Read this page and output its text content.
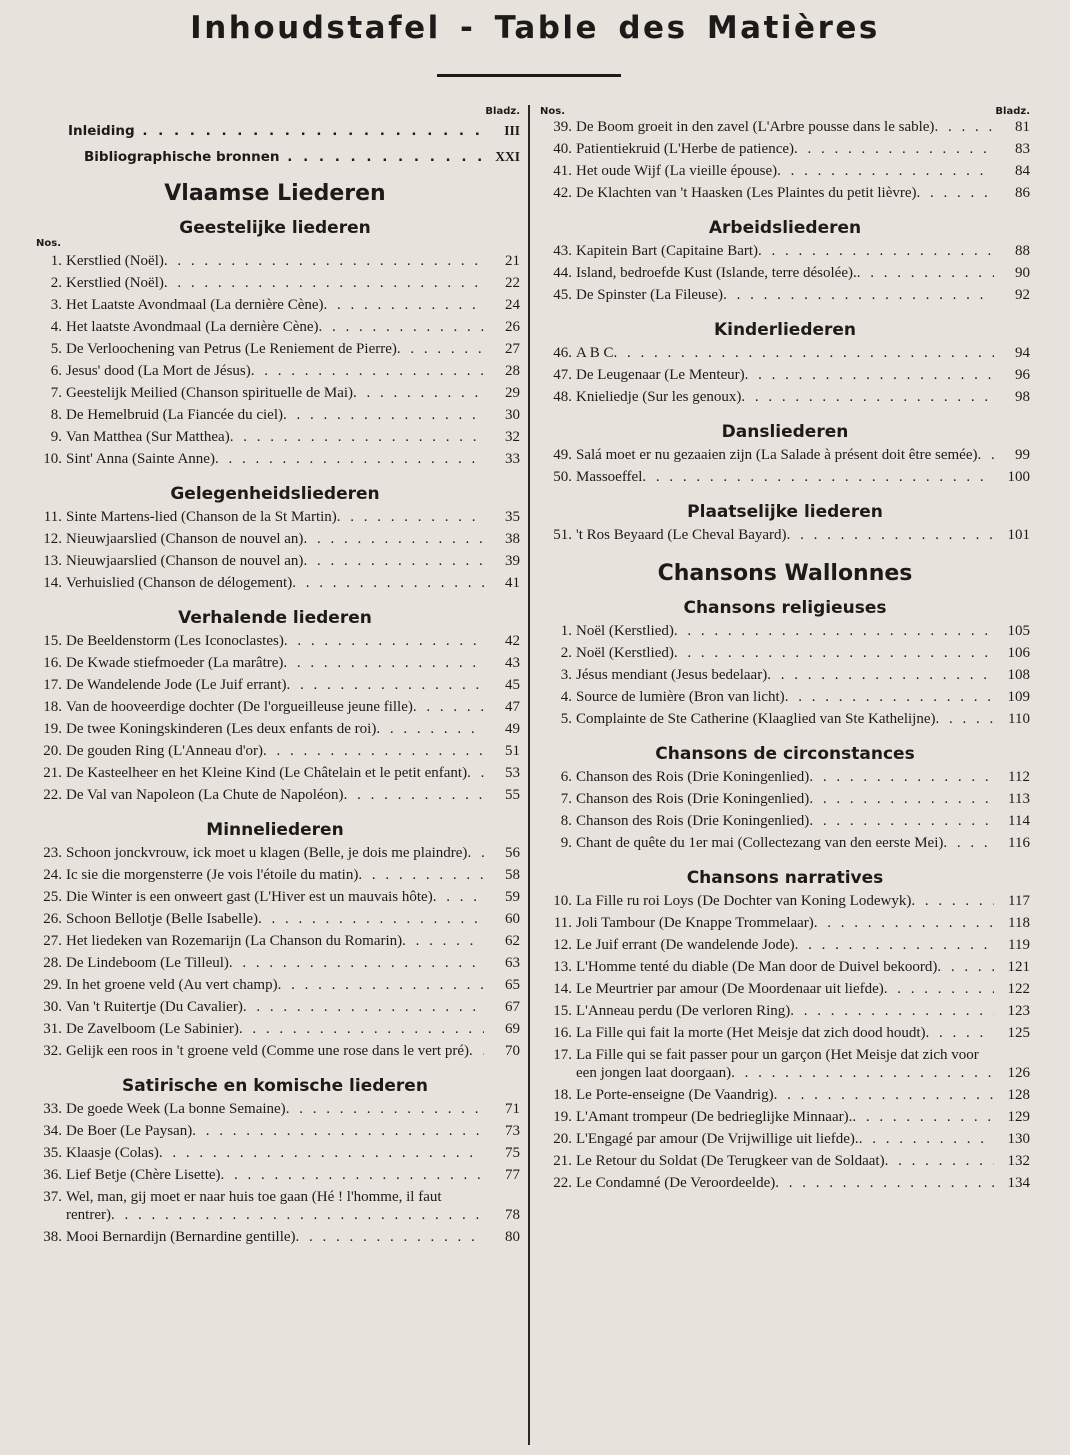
Inhoudstafel - Table des Matières
Bladz.
Inleiding . . .	III
Bibliographische bronnen . . .	XXI
Vlaamse Liederen
Geestelijke liederen
Nos.
1. Kerstlied (Noël) . . .	21
2. Kerstlied (Noël) . . .	22
3. Het Laatste Avondmaal (La dernière Cène) . . .	24
4. Het laatste Avondmaal (La dernière Cène) . . .	26
5. De Verloochening van Petrus (Le Reniement de Pierre) . . .	27
6. Jesus' dood (La Mort de Jésus) . . .	28
7. Geestelijk Meilied (Chanson spirituelle de Mai) . . .	29
8. De Hemelbruid (La Fiancée du ciel) . . .	30
9. Van Matthea (Sur Matthea) . . .	32
10. Sint' Anna (Sainte Anne) . . .	33
Gelegenheidsliederen
11. Sinte Martens-lied (Chanson de la St Martin) . . .	35
12. Nieuwjaarslied (Chanson de nouvel an) . . .	38
13. Nieuwjaarslied (Chanson de nouvel an) . . .	39
14. Verhuislied (Chanson de délogement) . . .	41
Verhalende liederen
15. De Beeldenstorm (Les Iconoclastes) . . .	42
16. De Kwade stiefmoeder (La marâtre) . . .	43
17. De Wandelende Jode (Le Juif errant) . . .	45
18. Van de hooveerdige dochter (De l'orgueilleuse jeune fille) . . .	47
19. De twee Koningskinderen (Les deux enfants de roi) . . .	49
20. De gouden Ring (L'Anneau d'or) . . .	51
21. De Kasteelheer en het Kleine Kind (Le Châtelain et le petit enfant) . . .	53
22. De Val van Napoleon (La Chute de Napoléon) . . .	55
Minneliederen
23. Schoon jonckvrouw, ick moet u klagen (Belle, je dois me plaindre) . . .	56
24. Ic sie die morgensterre (Je vois l'étoile du matin) . . .	58
25. Die Winter is een onweert gast (L'Hiver est un mauvais hôte) . . .	59
26. Schoon Bellotje (Belle Isabelle) . . .	60
27. Het liedeken van Rozemarijn (La Chanson du Romarin) . . .	62
28. De Lindeboom (Le Tilleul) . . .	63
29. In het groene veld (Au vert champ) . . .	65
30. Van 't Ruitertje (Du Cavalier) . . .	67
31. De Zavelboom (Le Sabinier) . . .	69
32. Gelijk een roos in 't groene veld (Comme une rose dans le vert pré) . . .	70
Satirische en komische liederen
33. De goede Week (La bonne Semaine) . . .	71
34. De Boer (Le Paysan) . . .	73
35. Klaasje (Colas) . . .	75
36. Lief Betje (Chère Lisette) . . .	77
37. Wel, man, gij moet er naar huis toe gaan (Hé ! l'homme, il faut rentrer) . . .	78
38. Mooi Bernardijn (Bernardine gentille) . . .	80
Nos.	Bladz.
39. De Boom groeit in den zavel (L'Arbre pousse dans le sable) . . .	81
40. Patientiekruid (L'Herbe de patience) . . .	83
41. Het oude Wijf (La vieille épouse) . . .	84
42. De Klachten van 't Haasken (Les Plaintes du petit lièvre) . . .	86
Arbeidsliederen
43. Kapitein Bart (Capitaine Bart) . . .	88
44. Island, bedroefde Kust (Islande, terre désolée). . . .	90
45. De Spinster (La Fileuse) . . .	92
Kinderliederen
46. A B C . . .	94
47. De Leugenaar (Le Menteur) . . .	96
48. Knieliedje (Sur les genoux) . . .	98
Dansliederen
49. Salá moet er nu gezaaien zijn (La Salade à présent doit être semée) . . .	99
50. Massoeffel . . .	100
Plaatselijke liederen
51. 't Ros Beyaard (Le Cheval Bayard) . . .	101
Chansons Wallonnes
Chansons religieuses
1. Noël (Kerstlied) . . .	105
2. Noël (Kerstlied) . . .	106
3. Jésus mendiant (Jesus bedelaar) . . .	108
4. Source de lumière (Bron van licht) . . .	109
5. Complainte de Ste Catherine (Klaaglied van Ste Kathelijne) . . .	110
Chansons de circonstances
6. Chanson des Rois (Drie Koningenlied) . . .	112
7. Chanson des Rois (Drie Koningenlied) . . .	113
8. Chanson des Rois (Drie Koningenlied) . . .	114
9. Chant de quête du 1er mai (Collectezang van den eerste Mei) . . .	116
Chansons narratives
10. La Fille ru roi Loys (De Dochter van Koning Lodewyk) . . .	117
11. Joli Tambour (De Knappe Trommelaar) . . .	118
12. Le Juif errant (De wandelende Jode) . . .	119
13. L'Homme tenté du diable (De Man door de Duivel bekoord) . . .	121
14. Le Meurtrier par amour (De Moordenaar uit liefde) . . .	122
15. L'Anneau perdu (De verloren Ring) . . .	123
16. La Fille qui fait la morte (Het Meisje dat zich dood houdt) . . .	125
17. La Fille qui se fait passer pour un garçon (Het Meisje dat zich voor een jongen laat doorgaan) . . .	126
18. Le Porte-enseigne (De Vaandrig) . . .	128
19. L'Amant trompeur (De bedrieglijke Minnaar). . . .	129
20. L'Engagé par amour (De Vrijwillige uit liefde). . . .	130
21. Le Retour du Soldat (De Terugkeer van de Soldaat) . . .	132
22. Le Condamné (De Veroordeelde) . . .	134
